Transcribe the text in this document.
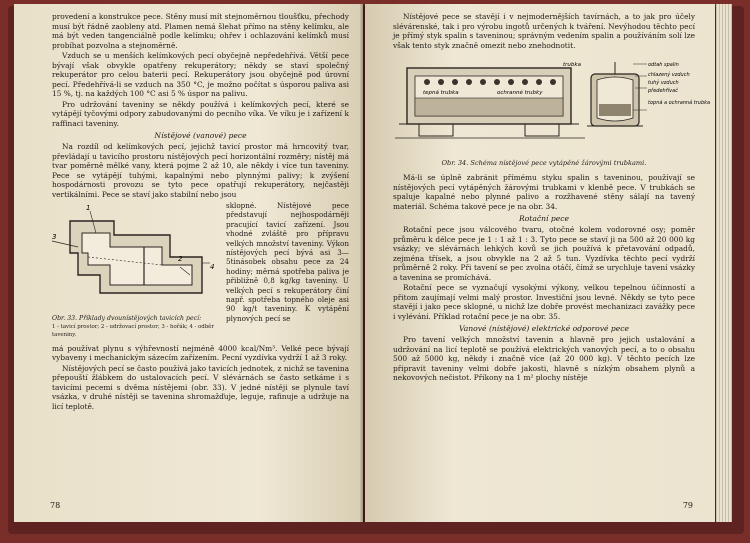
provedení a konstrukce pece. Stěny musí mít stejnoměrnou tloušťku, přechody musí být řádně zaobleny atd. Plamen nemá šlehat přímo na stěny kelímku, ale má být veden tangenciálně podle kelímku; ohřev i ochlazování kelímků musí probíhat pozvolna a stejnoměrně.

Vzduch se u menších kelímkových pecí obyčejně nepředehřívá. Větší pece bývají však obvykle opatřeny rekuperátory; někdy se staví společný rekuperátor pro celou baterii pecí. Rekuperátory jsou obyčejně pod úrovní pecí. Předehřívá-li se vzduch na 350 °C, je možno počítat s úsporou paliva asi 15 %, tj. na každých 100 °C asi 5 % úspor na palivu.

Pro udržování taveniny se někdy používá i kelímkových pecí, které se vytápějí tyčovými odpory zabudovanými do pecního víka. Ve víku je i zařízení k raffinaci taveniny.

Nístějové (vanové) pece

Na rozdíl od kelímkových pecí, jejichž tavicí prostor má hrncovitý tvar, převládají u tavicího prostoru nístějových pecí horizontální rozměry; nístěj má tvar poměrně mělké vany, která pojme 2 až 10, ale někdy i více tun taveniny. Pece se vytápějí tuhými, kapalnými nebo plynnými palivy; k zvýšení hospodárnosti provozu se tyto pece opatřují rekuperátory, nejčastěji vertikálními. Pece se staví jako stabilní nebo jsou

1
2
3
4
Obr. 33. Příklady dvounístějových tavicích pecí:
1 - tavicí prostor; 2 - udržovací prostor; 3 - hořák; 4 - odběr taveniny.

sklopné. Nístějové pece představují nejhospodárněji pracující tavicí zařízení. Jsou vhodné zvláště pro přípravu velkých množství taveniny. Výkon nístějových pecí bývá asi 3—5tinásobek obsahu pece za 24 hodiny; měrná spotřeba paliva je přibližně 0,8 kg/kg taveniny. U velkých pecí s rekuperátory činí např. spotřeba topného oleje asi 90 kg/t taveniny. K vytápění plynových pecí se

má používat plynu s výhřevností nejméně 4000 kcal/Nm³. Velké pece bývají vybaveny i mechanickým sázecím zařízením. Pecní vyzdívka vydrží 1 až 3 roky.

Nístějových pecí se často používá jako tavicích jednotek, z nichž se tavenina přepouští žlábkem do ustalovacích pecí. V slévárnách se často setkáme i s tavicími pecemi s dvěma nístějemi (obr. 33). V jedné nístěji se plynule taví vsázka, v druhé nístěji se tavenina shromažďuje, leguje, rafinuje a udržuje na licí teplotě.

78

Nístějové pece se stavějí i v nejmodernějších tavírnách, a to jak pro účely slévárenské, tak i pro výrobu ingotů určených k tváření. Nevýhodou těchto pecí je přímý styk spalin s taveninou; správným vedením spalin a používáním solí lze však tento styk značně omezit nebo znehodnotit.

tepná trubka	ochranné trubky
trubka	odtah spalin
chlazený vzduch
tuhý vzduch
předehřívač
topná a ochranná trubka
Obr. 34. Schéma nístějové pece vytápěné žárovými trubkami.

Má-li se úplně zabránit přímému styku spalin s taveninou, používají se nístějových pecí vytápěných žárovými trubkami v klenbě pece. V trubkách se spaluje kapalné nebo plynné palivo a rozžhavené stěny sálají na tavený materiál. Schéma takové pece je na obr. 34.

Rotační pece

Rotační pece jsou válcového tvaru, otočné kolem vodorovné osy; poměr průměru k délce pece je 1 : 1 až 1 : 3. Tyto pece se staví ji na 500 až 20 000 kg vsázky; ve slévárnách lehkých kovů se jich používá k přetavování odpadů, zejména třísek, a jsou obvykle na 2 až 5 tun. Vyzdívka těchto pecí vydrží průměrně 2 roky. Při tavení se pec zvolna otáčí, čímž se urychluje tavení vsázky a tavenina se promíchává.

Rotační pece se vyznačují vysokými výkony, velkou tepelnou účinností a přitom zaujímají velmi malý prostor. Investiční jsou levné. Někdy se tyto pece stavějí i jako pece sklopné, u nichž lze dobře provést mechanizaci zavážky pece i vylévání. Příklad rotační pece je na obr. 35.

Vanové (nístějové) elektrické odporové pece

Pro tavení velkých množství tavenin a hlavně pro jejich ustalování a udržování na licí teplotě se používá elektrických vanových pecí, a to o obsahu 500 až 5000 kg, někdy i značně více (až 20 000 kg). V těchto pecích lze připravit taveniny velmi dobře jakosti, hlavně s nízkým obsahem plynů a nekovových nečistot. Příkony na 1 m² plochy nístěje

79
